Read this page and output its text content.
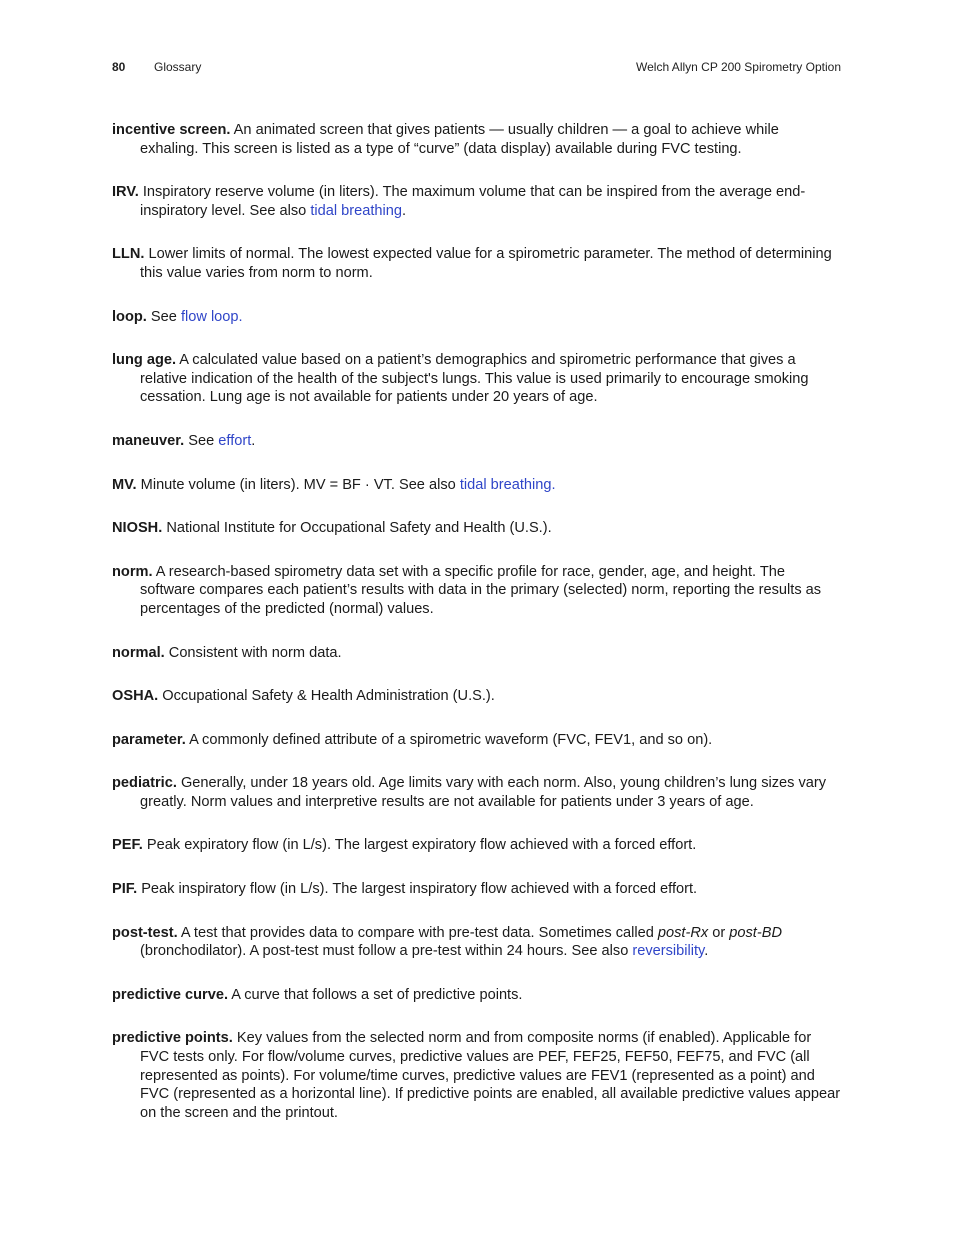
80 Glossary	Welch Allyn CP 200 Spirometry Option

incentive screen. An animated screen that gives patients — usually children — a goal to achieve while exhaling. This screen is listed as a type of “curve” (data display) available during FVC testing.

IRV. Inspiratory reserve volume (in liters). The maximum volume that can be inspired from the average end-inspiratory level. See also tidal breathing.

LLN. Lower limits of normal. The lowest expected value for a spirometric parameter. The method of determining this value varies from norm to norm.

loop. See flow loop.

lung age. A calculated value based on a patient’s demographics and spirometric performance that gives a relative indication of the health of the subject's lungs. This value is used primarily to encourage smoking cessation. Lung age is not available for patients under 20 years of age.

maneuver. See effort.

MV. Minute volume (in liters). MV = BF · VT. See also tidal breathing.

NIOSH. National Institute for Occupational Safety and Health (U.S.).

norm. A research-based spirometry data set with a specific profile for race, gender, age, and height. The software compares each patient’s results with data in the primary (selected) norm, reporting the results as percentages of the predicted (normal) values.

normal. Consistent with norm data.

OSHA. Occupational Safety & Health Administration (U.S.).

parameter. A commonly defined attribute of a spirometric waveform (FVC, FEV1, and so on).

pediatric. Generally, under 18 years old. Age limits vary with each norm. Also, young children’s lung sizes vary greatly. Norm values and interpretive results are not available for patients under 3 years of age.

PEF. Peak expiratory flow (in L/s). The largest expiratory flow achieved with a forced effort.

PIF. Peak inspiratory flow (in L/s). The largest inspiratory flow achieved with a forced effort.

post-test. A test that provides data to compare with pre-test data. Sometimes called post-Rx or post-BD (bronchodilator). A post-test must follow a pre-test within 24 hours. See also reversibility.

predictive curve. A curve that follows a set of predictive points.

predictive points. Key values from the selected norm and from composite norms (if enabled). Applicable for FVC tests only. For flow/volume curves, predictive values are PEF, FEF25, FEF50, FEF75, and FVC (all represented as points). For volume/time curves, predictive values are FEV1 (represented as a point) and FVC (represented as a horizontal line). If predictive points are enabled, all available predictive values appear on the screen and the printout.
